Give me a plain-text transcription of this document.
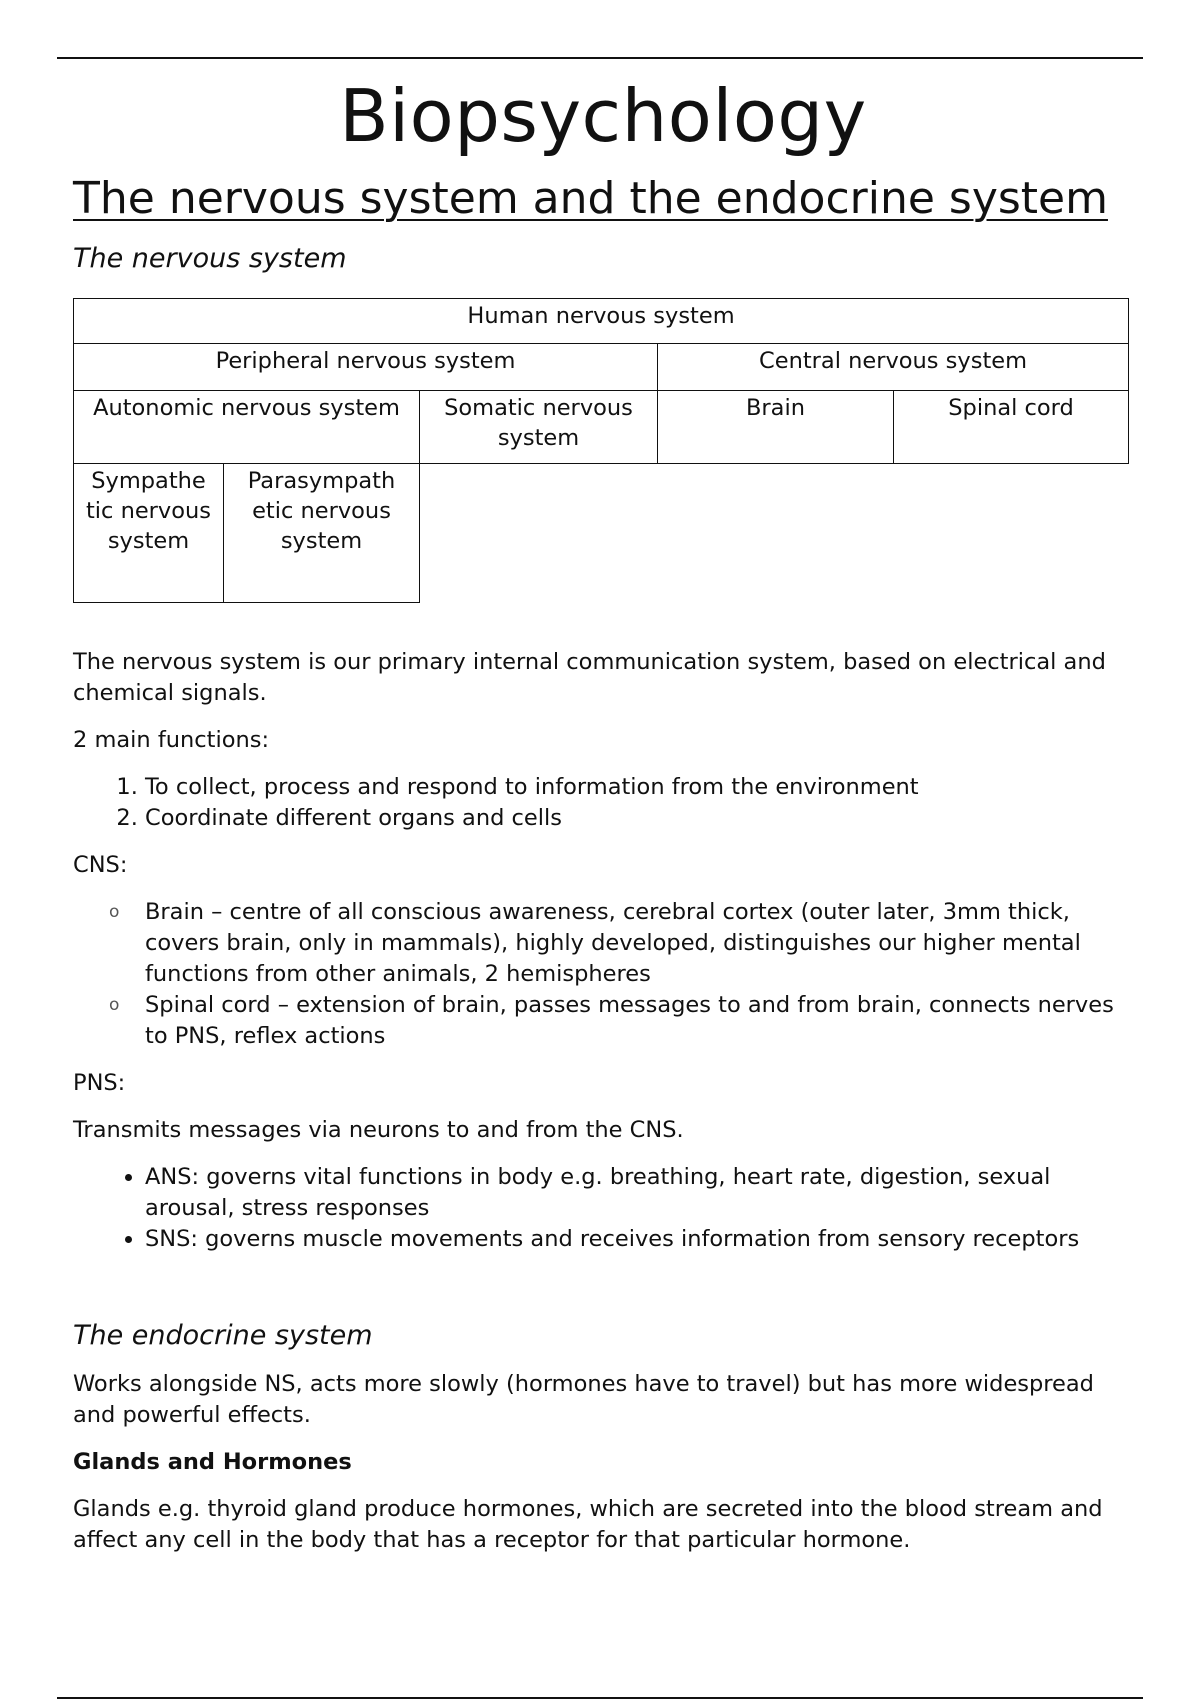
Biopsychology
The nervous system and the endocrine system
The nervous system
Human nervous system				
Peripheral nervous system			Central nervous system	
Autonomic nervous system		Somatic nervous system	Brain	Spinal cord
Sympathe tic nervous system	Parasympath etic nervous system			

The nervous system is our primary internal communication system, based on electrical and chemical signals.

2 main functions:

1. To collect, process and respond to information from the environment
2. Coordinate different organs and cells

CNS:

o Brain – centre of all conscious awareness, cerebral cortex (outer later, 3mm thick, covers brain, only in mammals), highly developed, distinguishes our higher mental functions from other animals, 2 hemispheres
o Spinal cord – extension of brain, passes messages to and from brain, connects nerves to PNS, reflex actions

PNS:

Transmits messages via neurons to and from the CNS.

• ANS: governs vital functions in body e.g. breathing, heart rate, digestion, sexual arousal, stress responses
• SNS: governs muscle movements and receives information from sensory receptors
The endocrine system

Works alongside NS, acts more slowly (hormones have to travel) but has more widespread and powerful effects.

Glands and Hormones

Glands e.g. thyroid gland produce hormones, which are secreted into the blood stream and affect any cell in the body that has a receptor for that particular hormone.
